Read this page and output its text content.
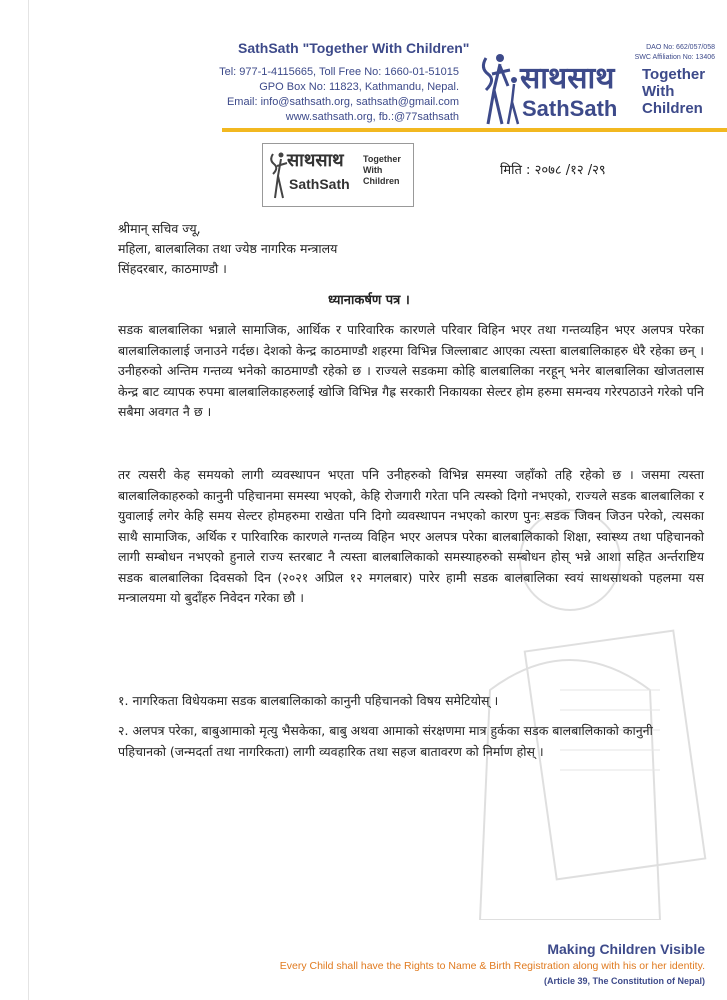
SathSath "Together With Children"
Tel: 977-1-4115665, Toll Free No: 1660-01-51015
GPO Box No: 11823, Kathmandu, Nepal.
Email: info@sathsath.org, sathsath@gmail.com
www.sathsath.org, fb.:@77sathsath
DAO No: 662/057/058
SWC Affiliation No: 13406
साथसाथ
SathSath
Together
With
Children
साथसाथ
SathSath
Together
With
Children
मिति : २०७८ /१२ /२९
श्रीमान् सचिव ज्यू,
महिला, बालबालिका तथा ज्येष्ठ नागरिक मन्त्रालय
सिंहदरबार, काठमाण्डौ ।
ध्यानाकर्षण पत्र ।
सडक बालबालिका भन्नाले सामाजिक, आर्थिक र पारिवारिक कारणले परिवार विहिन भएर तथा गन्तव्यहिन भएर अलपत्र परेका बालबालिकालाई जनाउने गर्दछ। देशको केन्द्र काठमाण्डौ शहरमा विभिन्न जिल्लाबाट आएका त्यस्ता बालबालिकाहरु धेरै रहेका छन् । उनीहरुको अन्तिम गन्तव्य भनेको काठमाण्डौ रहेको छ । राज्यले सडकमा कोहि बालबालिका नरहून् भनेर बालबालिका खोजतलास केन्द्र बाट व्यापक रुपमा बालबालिकाहरुलाई खोजि विभिन्न गैह्र सरकारी निकायका सेल्टर होम हरुमा समन्वय गरेरपठाउने गरेको पनि सबैमा अवगत नै छ ।
तर त्यसरी केह समयको लागी व्यवस्थापन भएता पनि उनीहरुको विभिन्न समस्या जहाँको तहि रहेको छ । जसमा त्यस्ता बालबालिकाहरुको कानुनी पहिचानमा समस्या भएको, केहि रोजगारी गरेता पनि त्यस्को दिगो नभएको, राज्यले सडक बालबालिका र युवालाई लगेर केहि समय सेल्टर होमहरुमा राखेता पनि दिगो व्यवस्थापन नभएको कारण पुनः सडक जिवन जिउन परेको, त्यसका साथै सामाजिक, अर्थिक र पारिवारिक कारणले गन्तव्य विहिन भएर अलपत्र परेका बालबालिकाको शिक्षा, स्वास्थ्य तथा पहिचानको लागी सम्बोधन नभएको हुनाले राज्य स्तरबाट नै त्यस्ता बालबालिकाको समस्याहरुको सम्बोधन होस् भन्ने आशा सहित अर्न्तराष्टिय सडक बालबालिका दिवसको दिन (२०२१ अप्रिल १२ मगलबार) पारेर हामी सडक बालबालिका स्वयं साथसाथको पहलमा यस मन्त्रालयमा यो बुदाँहरु निवेदन गरेका छौ ।
१. नागरिकता विधेयकमा सडक बालबालिकाको कानुनी पहिचानको विषय समेटियोस् ।
२. अलपत्र परेका, बाबुआमाको मृत्यु भैसकेका, बाबु अथवा आमाको संरक्षणमा मात्र हुर्कका सडक बालबालिकाको कानुनी पहिचानको (जन्मदर्ता तथा नागरिकता) लागी व्यवहारिक तथा सहज बातावरण को निर्माण होस् ।
Making Children Visible
Every Child shall have the Rights to Name & Birth Registration along with his or her identity.
(Article 39, The Constitution of Nepal)
